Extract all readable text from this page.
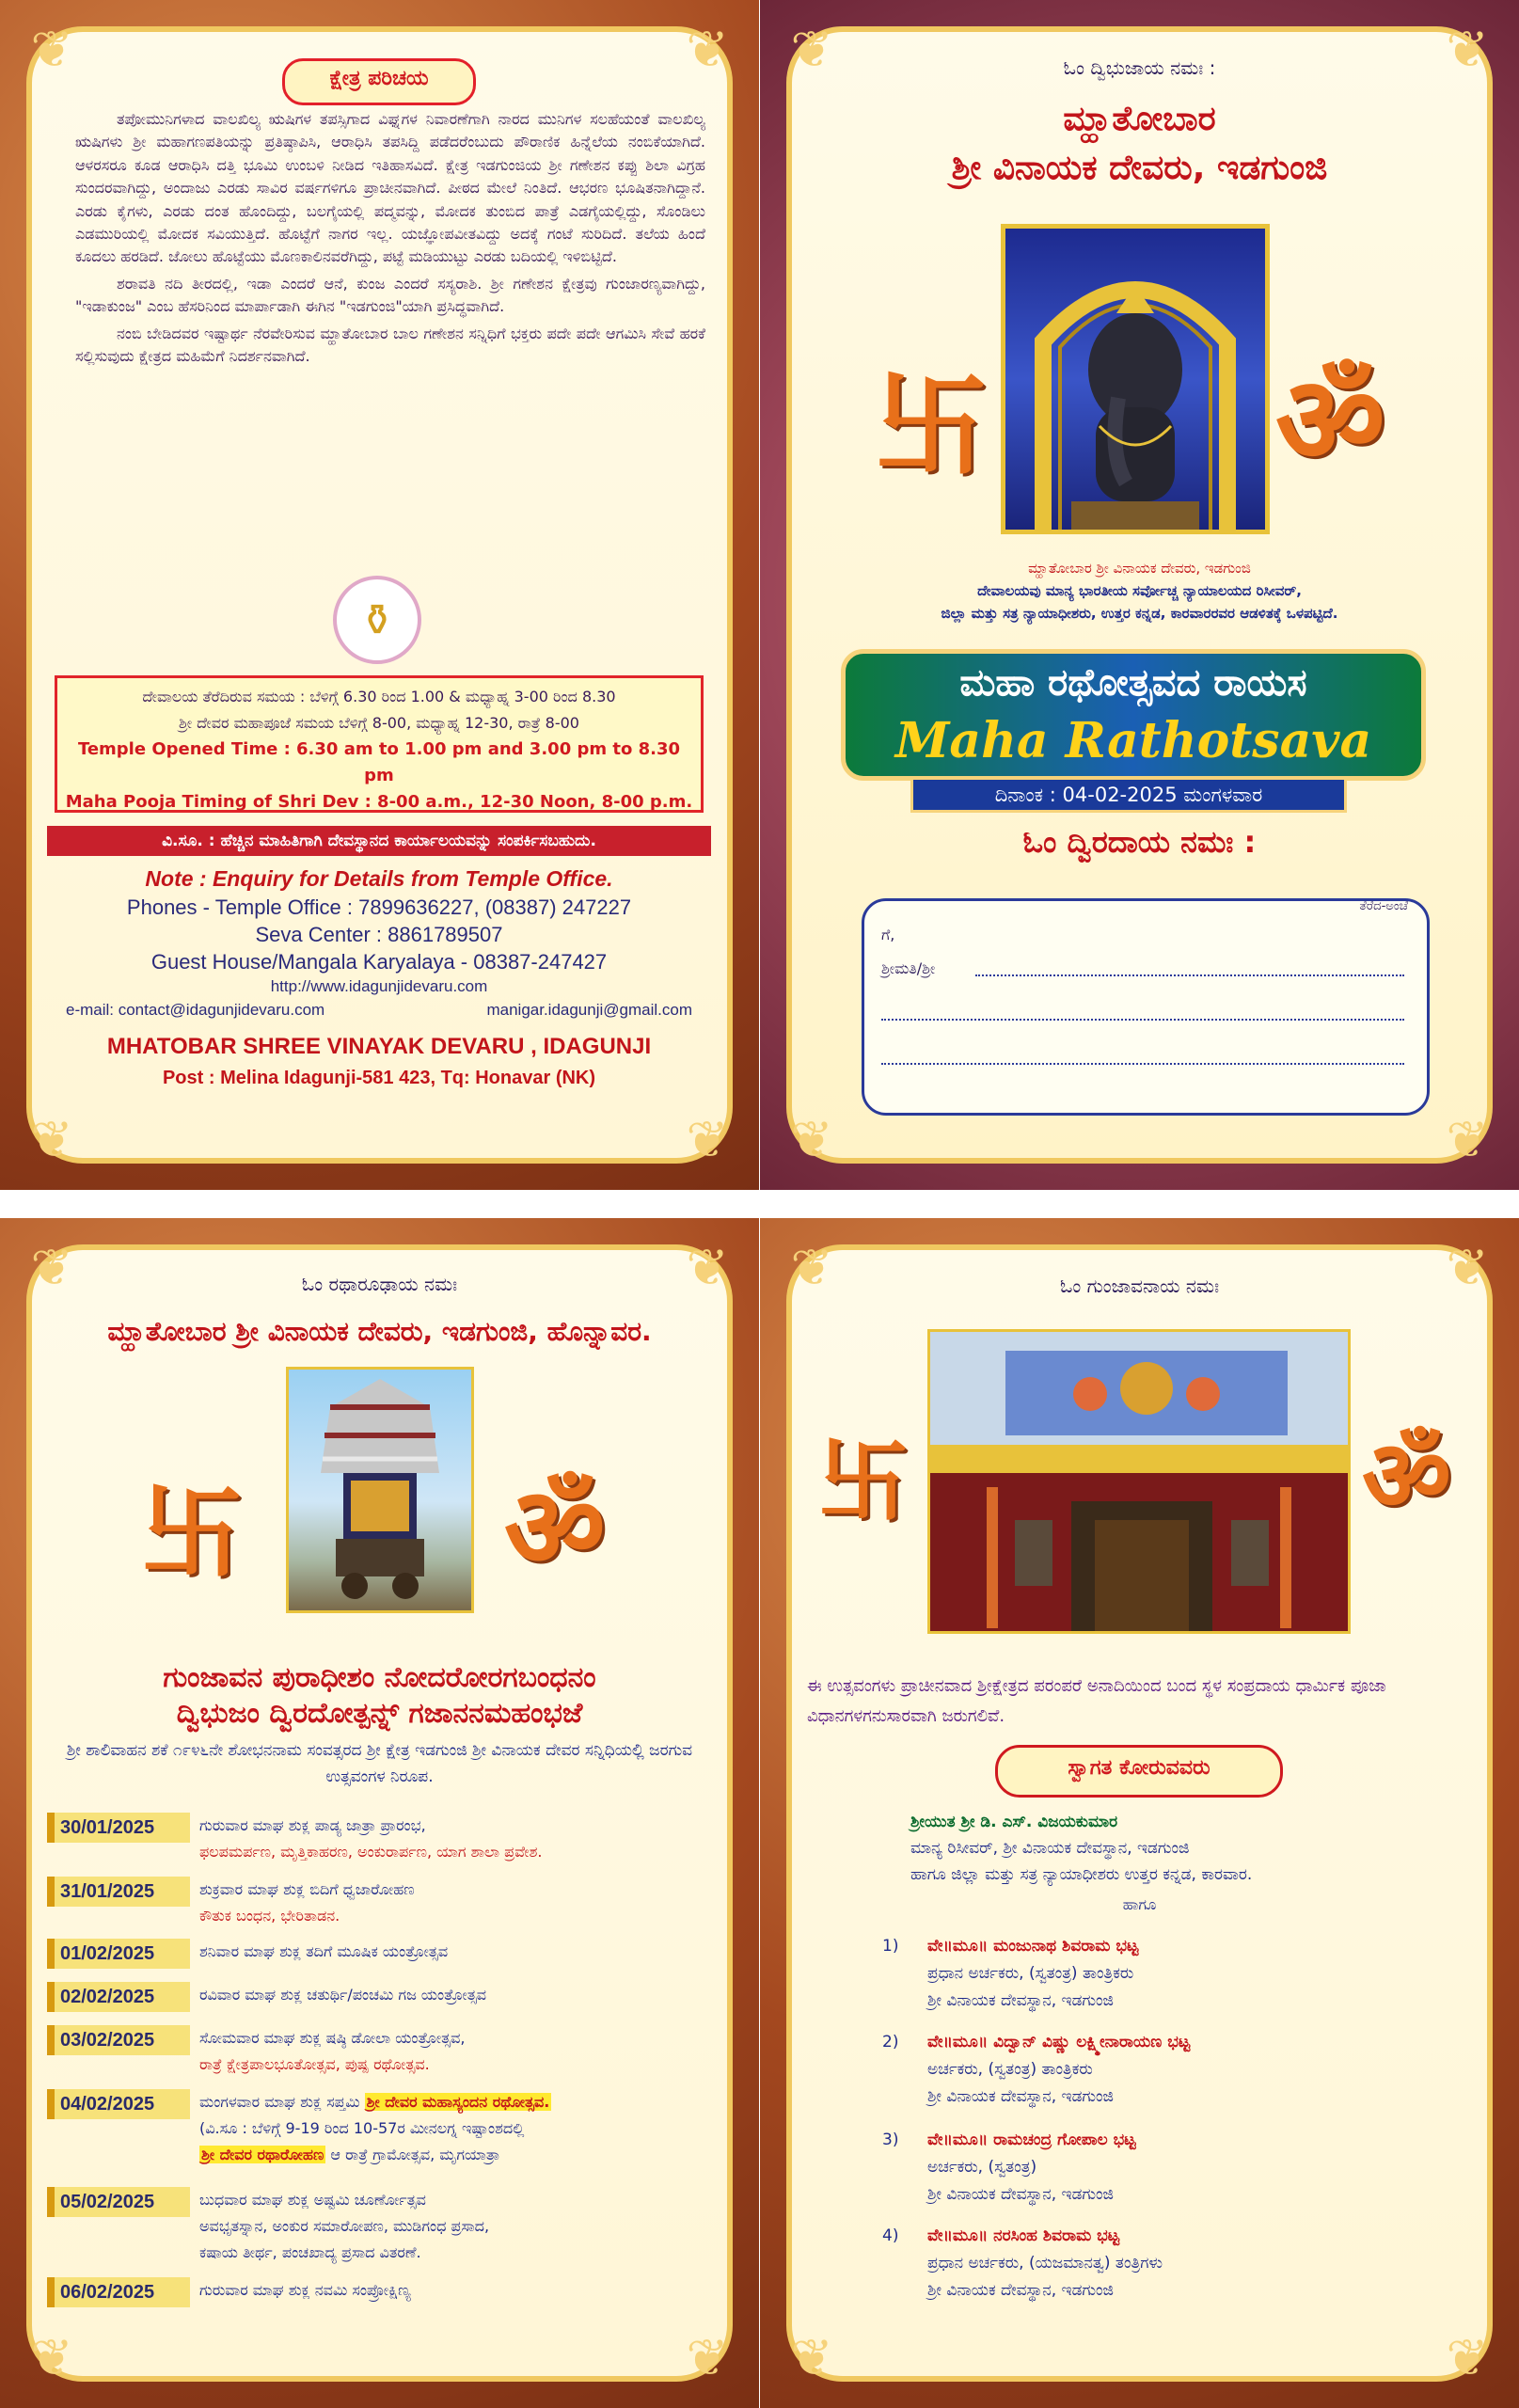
❦	❦
❦	❦
ಕ್ಷೇತ್ರ ಪರಿಚಯ

ತಪೋಮುನಿಗಳಾದ ವಾಲಖಿಲ್ಯ ಋಷಿಗಳ ತಪಸ್ಸಿಗಾದ ವಿಘ್ನಗಳ ನಿವಾರಣೆಗಾಗಿ ನಾರದ ಮುನಿಗಳ ಸಲಹೆಯಂತೆ ವಾಲಖಿಲ್ಯ ಋಷಿಗಳು ಶ್ರೀ ಮಹಾಗಣಪತಿಯನ್ನು ಪ್ರತಿಷ್ಠಾಪಿಸಿ, ಆರಾಧಿಸಿ ತಪಸಿದ್ದಿ ಪಡೆದರೆಂಬುದು ಪೌರಾಣಿಕ ಹಿನ್ನೆಲೆಯ ನಂಬಿಕೆಯಾಗಿದೆ. ಆಳರಸರೂ ಕೂಡ ಆರಾಧಿಸಿ ದತ್ತಿ ಭೂಮಿ ಉಂಬಳಿ ನೀಡಿದ ಇತಿಹಾಸವಿದೆ. ಕ್ಷೇತ್ರ ಇಡಗುಂಜಿಯ ಶ್ರೀ ಗಣೇಶನ ಕಪ್ಪು ಶಿಲಾ ವಿಗ್ರಹ ಸುಂದರವಾಗಿದ್ದು, ಅಂದಾಜು ಎರಡು ಸಾವಿರ ವರ್ಷಗಳಿಗೂ ಪ್ರಾಚೀನವಾಗಿದೆ. ಪೀಠದ ಮೇಲೆ ನಿಂತಿದೆ. ಆಭರಣ ಭೂಷಿತನಾಗಿದ್ದಾನೆ. ಎರಡು ಕೈಗಳು, ಎರಡು ದಂತ ಹೊಂದಿದ್ದು, ಬಲಗೈಯಲ್ಲಿ ಪದ್ಮವನ್ನು, ಮೋದಕ ತುಂಬಿದ ಪಾತ್ರೆ ಎಡಗೈಯಲ್ಲಿದ್ದು, ಸೊಂಡಿಲು ಎಡಮುರಿಯಲ್ಲಿ ಮೋದಕ ಸವಿಯುತ್ತಿದೆ. ಹೊಟ್ಟೆಗೆ ನಾಗರ ಇಲ್ಲ. ಯಜ್ಞೋಪವೀತವಿದ್ದು ಅದಕ್ಕೆ ಗಂಟೆ ಸುರಿದಿದೆ. ತಲೆಯ ಹಿಂದೆ ಕೂದಲು ಹರಡಿದೆ. ಜೋಲು ಹೊಟ್ಟೆಯು ಮೊಣಕಾಲಿನವರೆಗಿದ್ದು, ಪಟ್ಟೆ ಮಡಿಯುಟ್ಟು ಎರಡು ಬದಿಯಲ್ಲಿ ಇಳಿಬಿಟ್ಟಿದೆ.

ಶರಾವತಿ ನದಿ ತೀರದಲ್ಲಿ, ಇಡಾ ಎಂದರೆ ಆನೆ, ಕುಂಜ ಎಂದರೆ ಸಸ್ಯರಾಶಿ. ಶ್ರೀ ಗಣೇಶನ ಕ್ಷೇತ್ರವು ಗುಂಜಾರಣ್ಯವಾಗಿದ್ದು, "ಇಡಾಕುಂಜ" ಎಂಬ ಹೆಸರಿನಿಂದ ಮಾರ್ಪಾಡಾಗಿ ಈಗಿನ "ಇಡಗುಂಜಿ"ಯಾಗಿ ಪ್ರಸಿದ್ಧವಾಗಿದೆ.

ನಂಬಿ ಬೇಡಿದವರ ಇಷ್ಟಾರ್ಥ ನೆರವೇರಿಸುವ ಮ್ಹಾತೋಬಾರ ಬಾಲ ಗಣೇಶನ ಸನ್ನಿಧಿಗೆ ಭಕ್ತರು ಪದೇ ಪದೇ ಆಗಮಿಸಿ ಸೇವೆ ಹರಕೆ ಸಲ್ಲಿಸುವುದು ಕ್ಷೇತ್ರದ ಮಹಿಮೆಗೆ ನಿದರ್ಶನವಾಗಿದೆ.

⚱
ದೇವಾಲಯ ತೆರೆದಿರುವ ಸಮಯ : ಬೆಳಿಗ್ಗೆ 6.30 ರಿಂದ 1.00 & ಮಧ್ಯಾಹ್ನ 3-00 ರಿಂದ 8.30
ಶ್ರೀ ದೇವರ ಮಹಾಪೂಜೆ ಸಮಯ ಬೆಳಿಗ್ಗೆ 8-00, ಮಧ್ಯಾಹ್ನ 12-30, ರಾತ್ರೆ 8-00
Temple Opened Time : 6.30 am to 1.00 pm and 3.00 pm to 8.30 pm
Maha Pooja Timing of Shri Dev : 8-00 a.m., 12-30 Noon, 8-00 p.m.
ವಿ.ಸೂ. : ಹೆಚ್ಚಿನ ಮಾಹಿತಿಗಾಗಿ ದೇವಸ್ಥಾನದ ಕಾರ್ಯಾಲಯವನ್ನು ಸಂಪರ್ಕಿಸಬಹುದು.
Note : Enquiry for Details from Temple Office.
Phones - Temple Office : 7899636227, (08387) 247227
Seva Center : 8861789507
Guest House/Mangala Karyalaya - 08387-247427
http://www.idagunjidevaru.com
e-mail: contact@idagunjidevaru.com	manigar.idagunji@gmail.com
MHATOBAR SHREE VINAYAK DEVARU , IDAGUNJI
Post : Melina Idagunji-581 423, Tq: Honavar (NK)
❦	❦
❦	❦
ಓಂ ದ್ವಿಭುಜಾಯ ನಮಃ :
ಮ್ಹಾತೋಬಾರ
ಶ್ರೀ ವಿನಾಯಕ ದೇವರು, ಇಡಗುಂಜಿ
卐 ॐ
ಮ್ಹಾತೋಬಾರ ಶ್ರೀ ವಿನಾಯಕ ದೇವರು, ಇಡಗುಂಜಿ
ದೇವಾಲಯವು ಮಾನ್ಯ ಭಾರತೀಯ ಸರ್ವೋಚ್ಚ ನ್ಯಾಯಾಲಯದ ರಿಸೀವರ್,
ಜಿಲ್ಲಾ ಮತ್ತು ಸತ್ರ ನ್ಯಾಯಾಧೀಶರು, ಉತ್ತರ ಕನ್ನಡ, ಕಾರವಾರರವರ ಆಡಳಿತಕ್ಕೆ ಒಳಪಟ್ಟಿದೆ.
ಮಹಾ ರಥೋತ್ಸವದ ರಾಯಸ
Maha Rathotsava
ದಿನಾಂಕ : 04-02-2025 ಮಂಗಳವಾರ
ಓಂ ದ್ವಿರದಾಯ ನಮಃ :
ತೆರೆದ-ಅಂಚೆ
ಗೆ,
ಶ್ರೀಮತಿ/ಶ್ರೀ
❦	❦
❦	❦
ಓಂ ರಥಾರೂಢಾಯ ನಮಃ
ಮ್ಹಾತೋಬಾರ ಶ್ರೀ ವಿನಾಯಕ ದೇವರು, ಇಡಗುಂಜಿ, ಹೊನ್ನಾವರ.
卐 ॐ
ಗುಂಜಾವನ ಪುರಾಧೀಶಂ ನೋದರೋರಗಬಂಧನಂ
ದ್ವಿಭುಜಂ ದ್ವಿರದೋತ್ಪನ್ನ್ ಗಜಾನನಮಹಂಭಜೆ
ಶ್ರೀ ಶಾಲಿವಾಹನ ಶಕೆ ೧೯೪೬ನೇ ಶೋಭನನಾಮ ಸಂವತ್ಸರದ ಶ್ರೀ ಕ್ಷೇತ್ರ ಇಡಗುಂಜಿ ಶ್ರೀ ವಿನಾಯಕ ದೇವರ ಸನ್ನಿಧಿಯಲ್ಲಿ ಜರಗುವ ಉತ್ಸವಂಗಳ ನಿರೂಪ.
30/01/2025	ಗುರುವಾರ ಮಾಘ ಶುಕ್ಲ ಪಾಡ್ಯ ಜಾತ್ರಾ ಪ್ರಾರಂಭ,
ಫಲಪಮರ್ಪಣ, ಮೃತ್ತಿಕಾಹರಣ, ಅಂಕುರಾರ್ಪಣ, ಯಾಗ ಶಾಲಾ ಪ್ರವೇಶ.
31/01/2025	ಶುಕ್ರವಾರ ಮಾಘ ಶುಕ್ಲ ಬಿದಿಗೆ ಧ್ವಜಾರೋಹಣ
ಕೌತುಕ ಬಂಧನ, ಭೇರಿತಾಡನ.
01/02/2025	ಶನಿವಾರ ಮಾಘ ಶುಕ್ಲ ತದಿಗೆ ಮೂಷಿಕ ಯಂತ್ರೋತ್ಸವ
02/02/2025	ರವಿವಾರ ಮಾಘ ಶುಕ್ಲ ಚತುರ್ಥಿ/ಪಂಚಮಿ ಗಜ ಯಂತ್ರೋತ್ಸವ
03/02/2025	ಸೋಮವಾರ ಮಾಘ ಶುಕ್ಲ ಷಷ್ಠಿ ಡೋಲಾ ಯಂತ್ರೋತ್ಸವ,
ರಾತ್ರೆ ಕ್ಷೇತ್ರಪಾಲಭೂತೋತ್ಸವ, ಪುಷ್ಪ ರಥೋತ್ಸವ.
04/02/2025	ಮಂಗಳವಾರ ಮಾಘ ಶುಕ್ಲ ಸಪ್ತಮಿ ಶ್ರೀ ದೇವರ ಮಹಾಸ್ಯಂದನ ರಥೋತ್ಸವ.
(ವಿ.ಸೂ : ಬೆಳಿಗ್ಗೆ 9-19 ರಿಂದ 10-57ರ ಮೀನಲಗ್ನ ಇಷ್ಟಾಂಶದಲ್ಲಿ
ಶ್ರೀ ದೇವರ ರಥಾರೋಹಣ ಆ ರಾತ್ರೆ ಗ್ರಾಮೋತ್ಸವ, ಮೃಗಯಾತ್ರಾ
05/02/2025	ಬುಧವಾರ ಮಾಘ ಶುಕ್ಲ ಅಷ್ಟಮಿ ಚೂರ್ಣೋತ್ಸವ
ಅವಭೃತಸ್ನಾನ, ಅಂಕುರ ಸಮಾರೋಪಣ, ಮುಡಿಗಂಧ ಪ್ರಸಾದ,
ಕಷಾಯ ತೀರ್ಥ, ಪಂಚಖಾದ್ಯ ಪ್ರಸಾದ ವಿತರಣೆ.
06/02/2025	ಗುರುವಾರ ಮಾಘ ಶುಕ್ಲ ನವಮಿ ಸಂಪ್ರೋಕ್ಷಿಣ್ಯ
❦	❦
❦	❦
ಓಂ ಗುಂಜಾವನಾಯ ನಮಃ
卐	ॐ
ಈ ಉತ್ಸವಂಗಳು ಪ್ರಾಚೀನವಾದ ಶ್ರೀಕ್ಷೇತ್ರದ ಪರಂಪರೆ ಅನಾದಿಯಿಂದ ಬಂದ ಸ್ಥಳ ಸಂಪ್ರದಾಯ ಧಾರ್ಮಿಕ ಪೂಜಾ ವಿಧಾನಗಳಗನುಸಾರವಾಗಿ ಜರುಗಲಿವೆ.
ಸ್ವಾಗತ ಕೋರುವವರು
ಶ್ರೀಯುತ ಶ್ರೀ ಡಿ. ಎಸ್. ವಿಜಯಕುಮಾರ
ಮಾನ್ಯ ರಿಸೀವರ್, ಶ್ರೀ ವಿನಾಯಕ ದೇವಸ್ಥಾನ, ಇಡಗುಂಜಿ
ಹಾಗೂ ಜಿಲ್ಲಾ ಮತ್ತು ಸತ್ರ ನ್ಯಾಯಾಧೀಶರು ಉತ್ತರ ಕನ್ನಡ, ಕಾರವಾರ.
ಹಾಗೂ
1)	ವೇ॥ಮೂ॥ ಮಂಜುನಾಥ ಶಿವರಾಮ ಭಟ್ಟ
ಪ್ರಧಾನ ಅರ್ಚಕರು, (ಸ್ವತಂತ್ರ) ತಾಂತ್ರಿಕರು
ಶ್ರೀ ವಿನಾಯಕ ದೇವಸ್ಥಾನ, ಇಡಗುಂಜಿ
2)	ವೇ॥ಮೂ॥ ವಿದ್ವಾನ್ ವಿಷ್ಣು ಲಕ್ಷ್ಮೀನಾರಾಯಣ ಭಟ್ಟ
ಅರ್ಚಕರು, (ಸ್ವತಂತ್ರ) ತಾಂತ್ರಿಕರು
ಶ್ರೀ ವಿನಾಯಕ ದೇವಸ್ಥಾನ, ಇಡಗುಂಜಿ
3)	ವೇ॥ಮೂ॥ ರಾಮಚಂದ್ರ ಗೋಪಾಲ ಭಟ್ಟ
ಅರ್ಚಕರು, (ಸ್ವತಂತ್ರ)
ಶ್ರೀ ವಿನಾಯಕ ದೇವಸ್ಥಾನ, ಇಡಗುಂಜಿ
4)	ವೇ॥ಮೂ॥ ನರಸಿಂಹ ಶಿವರಾಮ ಭಟ್ಟ
ಪ್ರಧಾನ ಅರ್ಚಕರು, (ಯಜಮಾನತ್ವ) ತಂತ್ರಿಗಳು
ಶ್ರೀ ವಿನಾಯಕ ದೇವಸ್ಥಾನ, ಇಡಗುಂಜಿ
